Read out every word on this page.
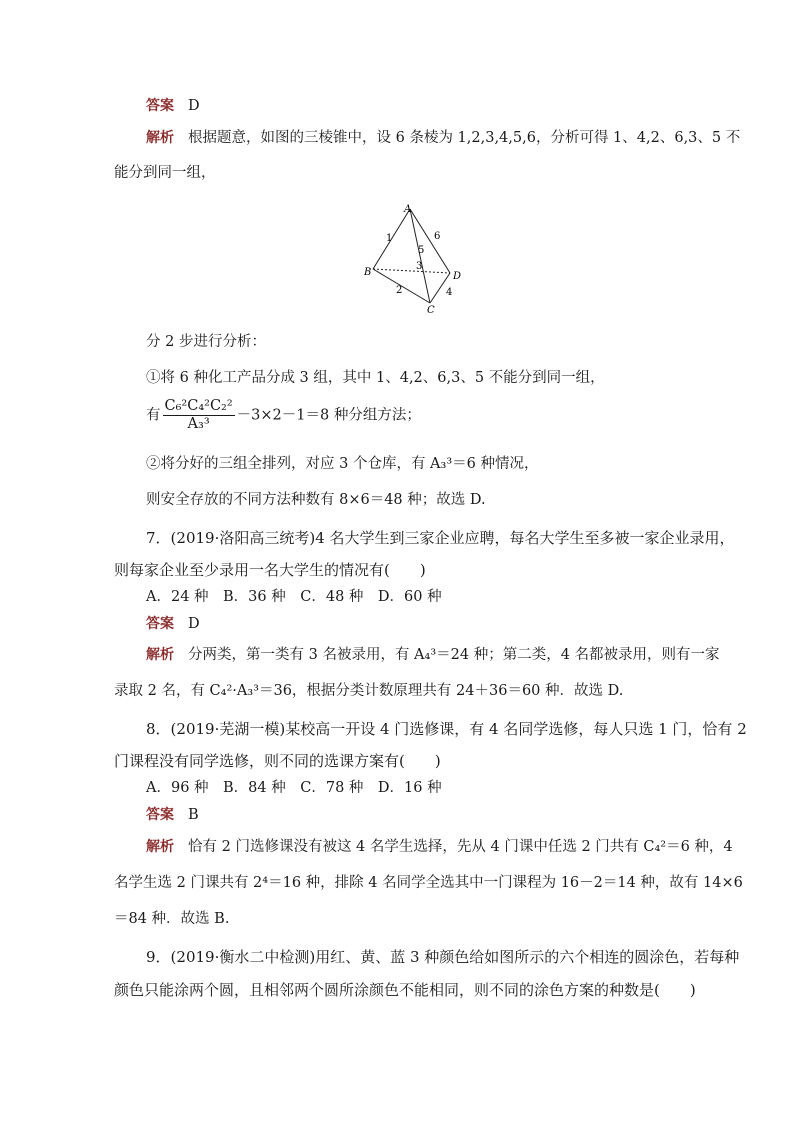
答案 D
解析 根据题意，如图的三棱锥中，设 6 条棱为 1,2,3,4,5,6，分析可得 1、4,2、6,3、5 不
能分到同一组，
A
B	D
C
1
2
3
4
5
6
分 2 步进行分析：
①将 6 种化工产品分成 3 组，其中 1、4,2、6,3、5 不能分到同一组，
有 $\frac{\text{C₆²C₄²C₂²}}{\text{A₃³}} -3\times 2-1=8$ 种分组方法；
②将分好的三组全排列，对应 3 个仓库，有 A₃³＝6 种情况，
则安全存放的不同方法种数有 8×6＝48 种；故选 D.
7．(2019·洛阳高三统考)4 名大学生到三家企业应聘，每名大学生至多被一家企业录用，
则每家企业至少录用一名大学生的情况有(　　)
A．24 种　B．36 种　C．48 种　D．60 种
答案 D
解析 分两类，第一类有 3 名被录用，有 A₄³＝24 种；第二类，4 名都被录用，则有一家
录取 2 名，有 C₄²·A₃³＝36，根据分类计数原理共有 24＋36＝60 种．故选 D.
8．(2019·芜湖一模)某校高一开设 4 门选修课，有 4 名同学选修，每人只选 1 门，恰有 2
门课程没有同学选修，则不同的选课方案有(　　)
A．96 种　B．84 种　C．78 种　D．16 种
答案 B
解析 恰有 2 门选修课没有被这 4 名学生选择，先从 4 门课中任选 2 门共有 C₄²＝6 种，4
名学生选 2 门课共有 2⁴＝16 种，排除 4 名同学全选其中一门课程为 16－2＝14 种，故有 14×6
＝84 种．故选 B.
9．(2019·衡水二中检测)用红、黄、蓝 3 种颜色给如图所示的六个相连的圆涂色，若每种
颜色只能涂两个圆，且相邻两个圆所涂颜色不能相同，则不同的涂色方案的种数是(　　)
